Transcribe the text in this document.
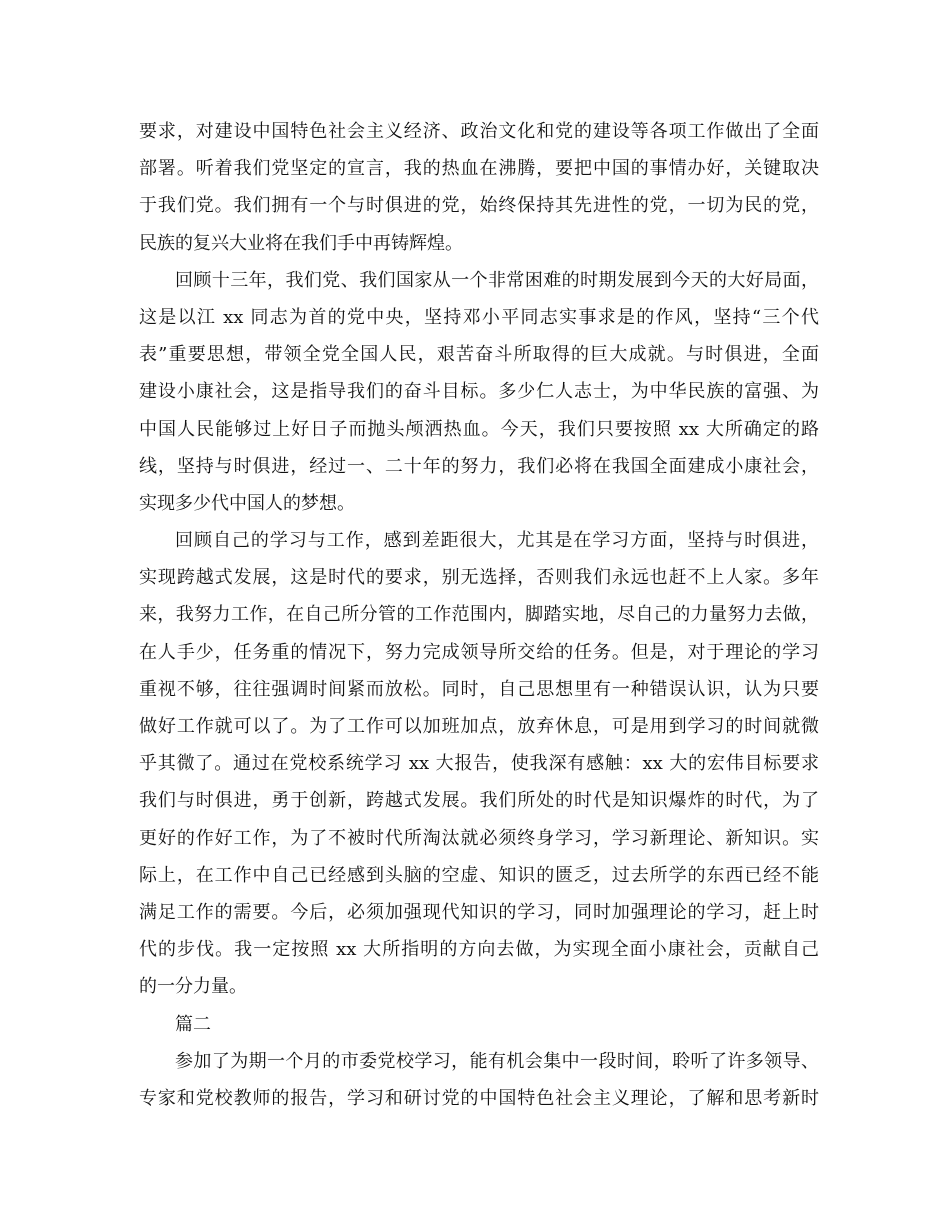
要求，对建设中国特色社会主义经济、政治文化和党的建设等各项工作做出了全面
部署。听着我们党坚定的宣言，我的热血在沸腾，要把中国的事情办好，关键取决
于我们党。我们拥有一个与时俱进的党，始终保持其先进性的党，一切为民的党，
民族的复兴大业将在我们手中再铸辉煌。
回顾十三年，我们党、我们国家从一个非常困难的时期发展到今天的大好局面，
这是以江 xx 同志为首的党中央，坚持邓小平同志实事求是的作风，坚持“三个代
表”重要思想，带领全党全国人民，艰苦奋斗所取得的巨大成就。与时俱进，全面
建设小康社会，这是指导我们的奋斗目标。多少仁人志士，为中华民族的富强、为
中国人民能够过上好日子而抛头颅洒热血。今天，我们只要按照 xx 大所确定的路
线，坚持与时俱进，经过一、二十年的努力，我们必将在我国全面建成小康社会，
实现多少代中国人的梦想。
回顾自己的学习与工作，感到差距很大，尤其是在学习方面，坚持与时俱进，
实现跨越式发展，这是时代的要求，别无选择，否则我们永远也赶不上人家。多年
来，我努力工作，在自己所分管的工作范围内，脚踏实地，尽自己的力量努力去做，
在人手少，任务重的情况下，努力完成领导所交给的任务。但是，对于理论的学习
重视不够，往往强调时间紧而放松。同时，自己思想里有一种错误认识，认为只要
做好工作就可以了。为了工作可以加班加点，放弃休息，可是用到学习的时间就微
乎其微了。通过在党校系统学习 xx 大报告，使我深有感触：xx 大的宏伟目标要求
我们与时俱进，勇于创新，跨越式发展。我们所处的时代是知识爆炸的时代，为了
更好的作好工作，为了不被时代所淘汰就必须终身学习，学习新理论、新知识。实
际上，在工作中自己已经感到头脑的空虚、知识的匮乏，过去所学的东西已经不能
满足工作的需要。今后，必须加强现代知识的学习，同时加强理论的学习，赶上时
代的步伐。我一定按照 xx 大所指明的方向去做，为实现全面小康社会，贡献自己
的一分力量。
篇二
参加了为期一个月的市委党校学习，能有机会集中一段时间，聆听了许多领导、
专家和党校教师的报告，学习和研讨党的中国特色社会主义理论，了解和思考新时
